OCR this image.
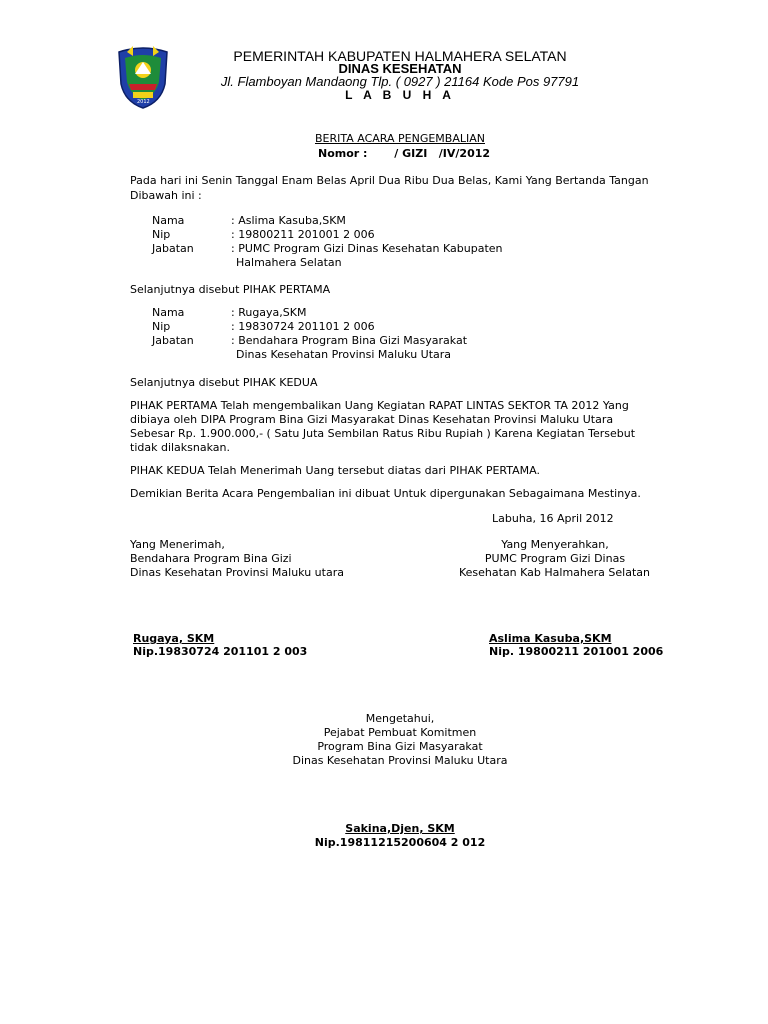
2012
PEMERINTAH KABUPATEN HALMAHERA SELATAN
DINAS KESEHATAN
Jl. Flamboyan Mandaong Tlp. ( 0927 ) 21164 Kode Pos 97791
L A B U H A
BERITA ACARA PENGEMBALIAN
Nomor :       / GIZI   /IV/2012
Pada hari ini Senin Tanggal Enam Belas April Dua Ribu Dua Belas, Kami Yang Bertanda Tangan
Dibawah ini :
Nama	: Aslima Kasuba,SKM
Nip	: 19800211 201001 2 006
Jabatan	: PUMC Program Gizi Dinas Kesehatan Kabupaten
Halmahera Selatan
Selanjutnya disebut PIHAK PERTAMA
Nama	: Rugaya,SKM
Nip	: 19830724 201101 2 006
Jabatan	: Bendahara Program Bina Gizi Masyarakat
Dinas Kesehatan Provinsi Maluku Utara
Selanjutnya disebut PIHAK KEDUA
PIHAK PERTAMA Telah mengembalikan Uang Kegiatan RAPAT LINTAS SEKTOR TA 2012 Yang
dibiaya oleh DIPA Program Bina Gizi Masyarakat Dinas Kesehatan Provinsi Maluku Utara
Sebesar Rp. 1.900.000,- ( Satu Juta Sembilan Ratus Ribu Rupiah ) Karena Kegiatan Tersebut
tidak dilaksnakan.
PIHAK KEDUA Telah Menerimah Uang tersebut diatas dari PIHAK PERTAMA.
Demikian Berita Acara Pengembalian ini dibuat Untuk dipergunakan Sebagaimana Mestinya.
Labuha, 16 April 2012
Yang Menerimah,
Bendahara Program Bina Gizi
Dinas Kesehatan Provinsi Maluku utara
Rugaya, SKM
Nip.19830724 201101 2 003
Yang Menyerahkan,
PUMC Program Gizi Dinas
Kesehatan Kab Halmahera Selatan
Aslima Kasuba,SKM
Nip. 19800211 201001 2006
Mengetahui,
Pejabat Pembuat Komitmen
Program Bina Gizi Masyarakat
Dinas Kesehatan Provinsi Maluku Utara
Sakina,Djen, SKM
Nip.19811215200604 2 012
